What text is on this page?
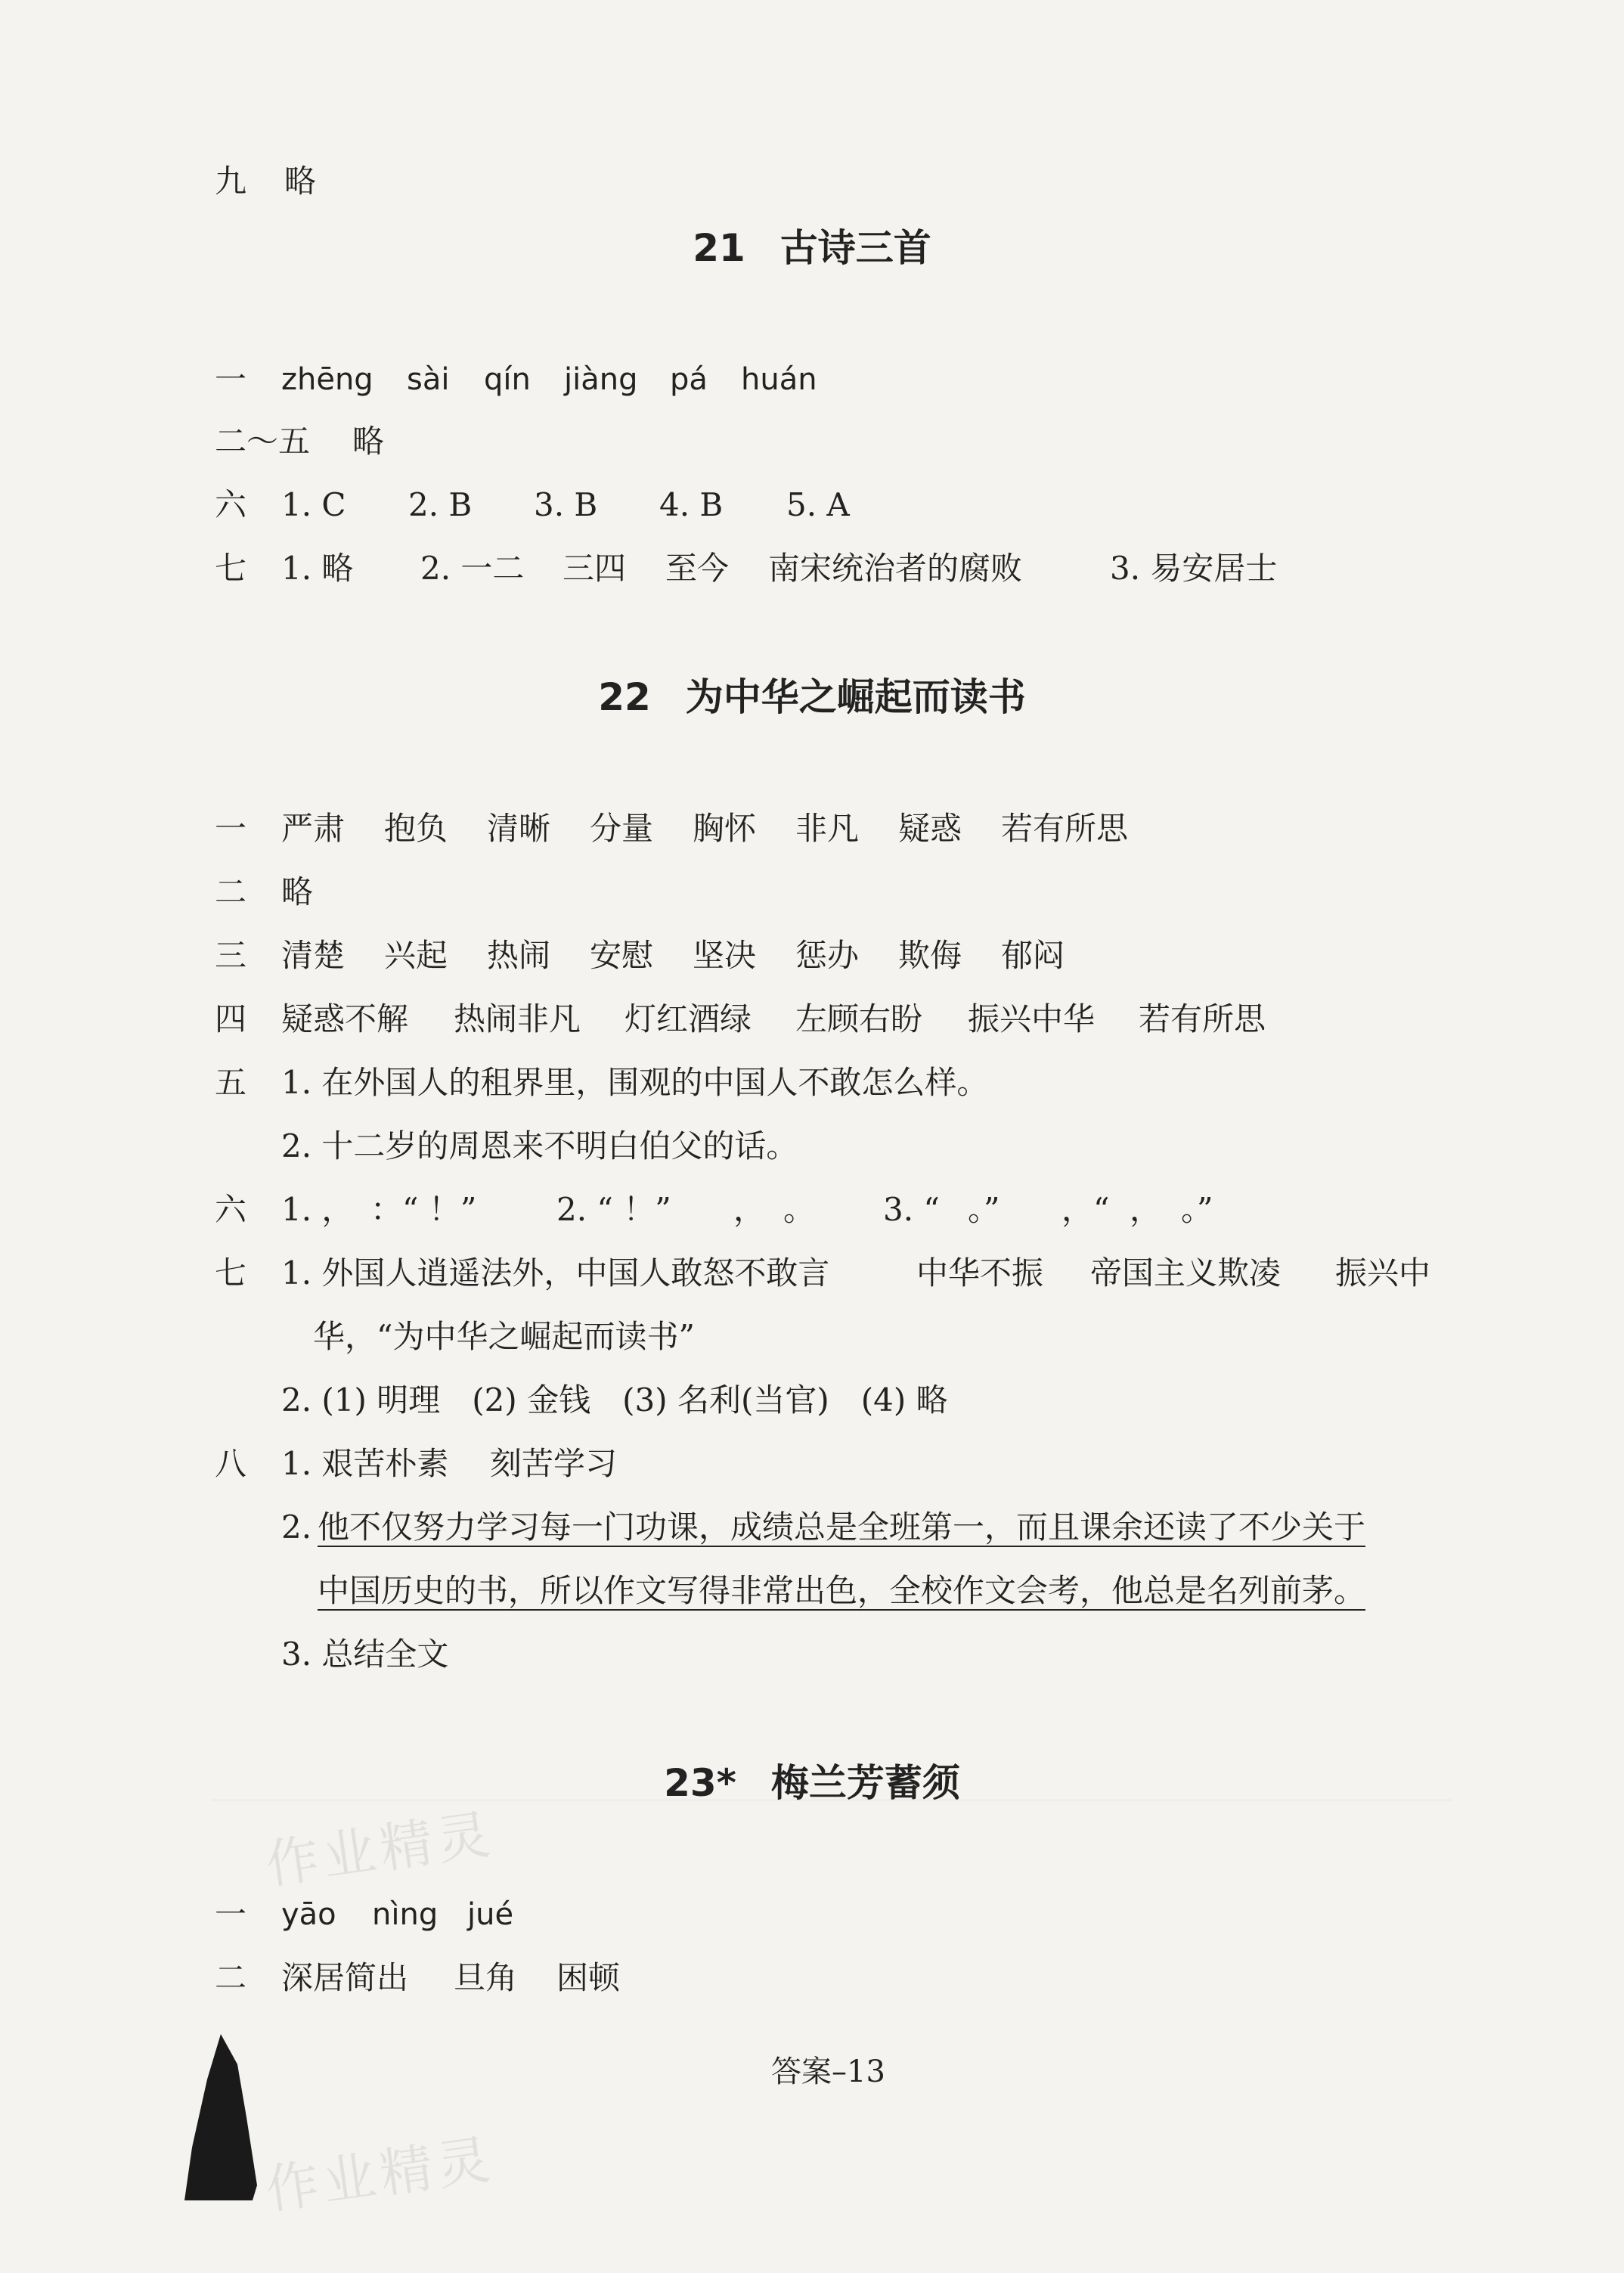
九 略
21 古诗三首
一 zhēng sài qín jiàng pá huán
二～五 略
六 1. C 2. B 3. B 4. B 5. A
七 1. 略 2. 一二 三四 至今 南宋统治者的腐败	3. 易安居士
22 为中华之崛起而读书
一 严肃 抱负 清晰 分量 胸怀 非凡 疑惑 若有所思
二 略
三 清楚 兴起 热闹 安慰 坚决 惩办 欺侮 郁闷
四 疑惑不解 热闹非凡 灯红酒绿 左顾右盼 振兴中华 若有所思
五 1. 在外国人的租界里，围观的中国人不敢怎么样。
2. 十二岁的周恩来不明白伯父的话。
六 1. ， ：“ ！”	2. “ ！” ， 。 3. “ 。” ，“ ， 。”
七 1. 外国人逍遥法外，中国人敢怒不敢言	中华不振 帝国主义欺凌 振兴中
华，“为中华之崛起而读书”
2. (1) 明理　(2) 金钱　(3) 名利(当官)　(4) 略
八 1. 艰苦朴素 刻苦学习
2. 他不仅努力学习每一门功课，成绩总是全班第一，而且课余还读了不少关于
中国历史的书，所以作文写得非常出色，全校作文会考，他总是名列前茅。
3. 总结全文
23* 梅兰芳蓄须
一 yāo nìng jué
二 深居简出 旦角 困顿
作业精灵
作业精灵
答案–13
